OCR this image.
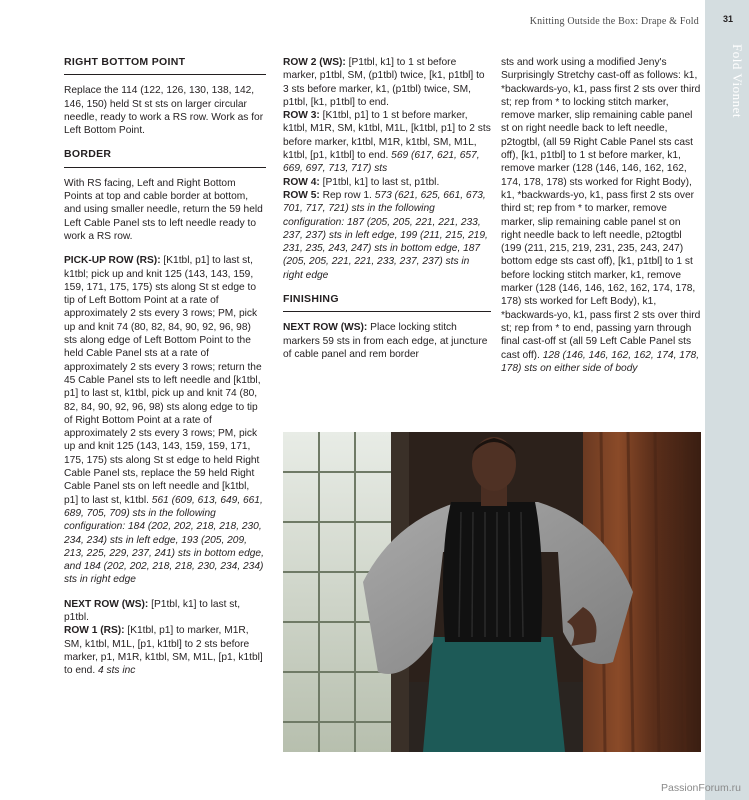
Knitting Outside the Box: Drape & Fold	31
Fold Vionnet
RIGHT BOTTOM POINT

Replace the 114 (122, 126, 130, 138, 142, 146, 150) held St st sts on larger circular needle, ready to work a RS row. Work as for Left Bottom Point.

BORDER

With RS facing, Left and Right Bottom Points at top and cable border at bottom, and using smaller needle, return the 59 held Left Cable Panel sts to left needle ready to work a RS row.

PICK-UP ROW (RS): [K1tbl, p1] to last st, k1tbl; pick up and knit 125 (143, 143, 159, 159, 171, 175, 175) sts along St st edge to tip of Left Bottom Point at a rate of approximately 2 sts every 3 rows; PM, pick up and knit 74 (80, 82, 84, 90, 92, 96, 98) sts along edge of Left Bottom Point to the held Cable Panel sts at a rate of approximately 2 sts every 3 rows; return the 45 Cable Panel sts to left needle and [k1tbl, p1] to last st, k1tbl, pick up and knit 74 (80, 82, 84, 90, 92, 96, 98) sts along edge to tip of Right Bottom Point at a rate of approximately 2 sts every 3 rows; PM, pick up and knit 125 (143, 143, 159, 159, 171, 175, 175) sts along St st edge to held Right Cable Panel sts, replace the 59 held Right Cable Panel sts on left needle and [k1tbl, p1] to last st, k1tbl. 561 (609, 613, 649, 661, 689, 705, 709) sts in the following configuration: 184 (202, 202, 218, 218, 230, 234, 234) sts in left edge, 193 (205, 209, 213, 225, 229, 237, 241) sts in bottom edge, and 184 (202, 202, 218, 218, 230, 234, 234) sts in right edge

NEXT ROW (WS): [P1tbl, k1] to last st, p1tbl.

ROW 1 (RS): [K1tbl, p1] to marker, M1R, SM, k1tbl, M1L, [p1, k1tbl] to 2 sts before marker, p1, M1R, k1tbl, SM, M1L, [p1, k1tbl] to end. 4 sts inc

ROW 2 (WS): [P1tbl, k1] to 1 st before marker, p1tbl, SM, (p1tbl) twice, [k1, p1tbl] to 3 sts before marker, k1, (p1tbl) twice, SM, p1tbl, [k1, p1tbl] to end.

ROW 3: [K1tbl, p1] to 1 st before marker, k1tbl, M1R, SM, k1tbl, M1L, [k1tbl, p1] to 2 sts before marker, k1tbl, M1R, k1tbl, SM, M1L, k1tbl, [p1, k1tbl] to end. 569 (617, 621, 657, 669, 697, 713, 717) sts

ROW 4: [P1tbl, k1] to last st, p1tbl.

ROW 5: Rep row 1. 573 (621, 625, 661, 673, 701, 717, 721) sts in the following configuration: 187 (205, 205, 221, 221, 233, 237, 237) sts in left edge, 199 (211, 215, 219, 231, 235, 243, 247) sts in bottom edge, 187 (205, 205, 221, 221, 233, 237, 237) sts in right edge

FINISHING

NEXT ROW (WS): Place locking stitch markers 59 sts in from each edge, at juncture of cable panel and rem border

sts and work using a modified Jeny's Surprisingly Stretchy cast-off as follows: k1, *backwards-yo, k1, pass first 2 sts over third st; rep from * to locking stitch marker, remove marker, slip remaining cable panel st on right needle back to left needle, p2togtbl, (all 59 Right Cable Panel sts cast off), [k1, p1tbl] to 1 st before marker, k1, remove marker (128 (146, 146, 162, 162, 174, 178, 178) sts worked for Right Body), k1, *backwards-yo, k1, pass first 2 sts over third st; rep from * to marker, remove marker, slip remaining cable panel st on right needle back to left needle, p2togtbl (199 (211, 215, 219, 231, 235, 243, 247) bottom edge sts cast off), [k1, p1tbl] to 1 st before locking stitch marker, k1, remove marker (128 (146, 146, 162, 162, 174, 178, 178) sts worked for Left Body), k1, *backwards-yo, k1, pass first 2 sts over third st; rep from * to end, passing yarn through final cast-off st (all 59 Left Cable Panel sts cast off). 128 (146, 146, 162, 162, 174, 178, 178) sts on either side of body

PassionForum.ru
